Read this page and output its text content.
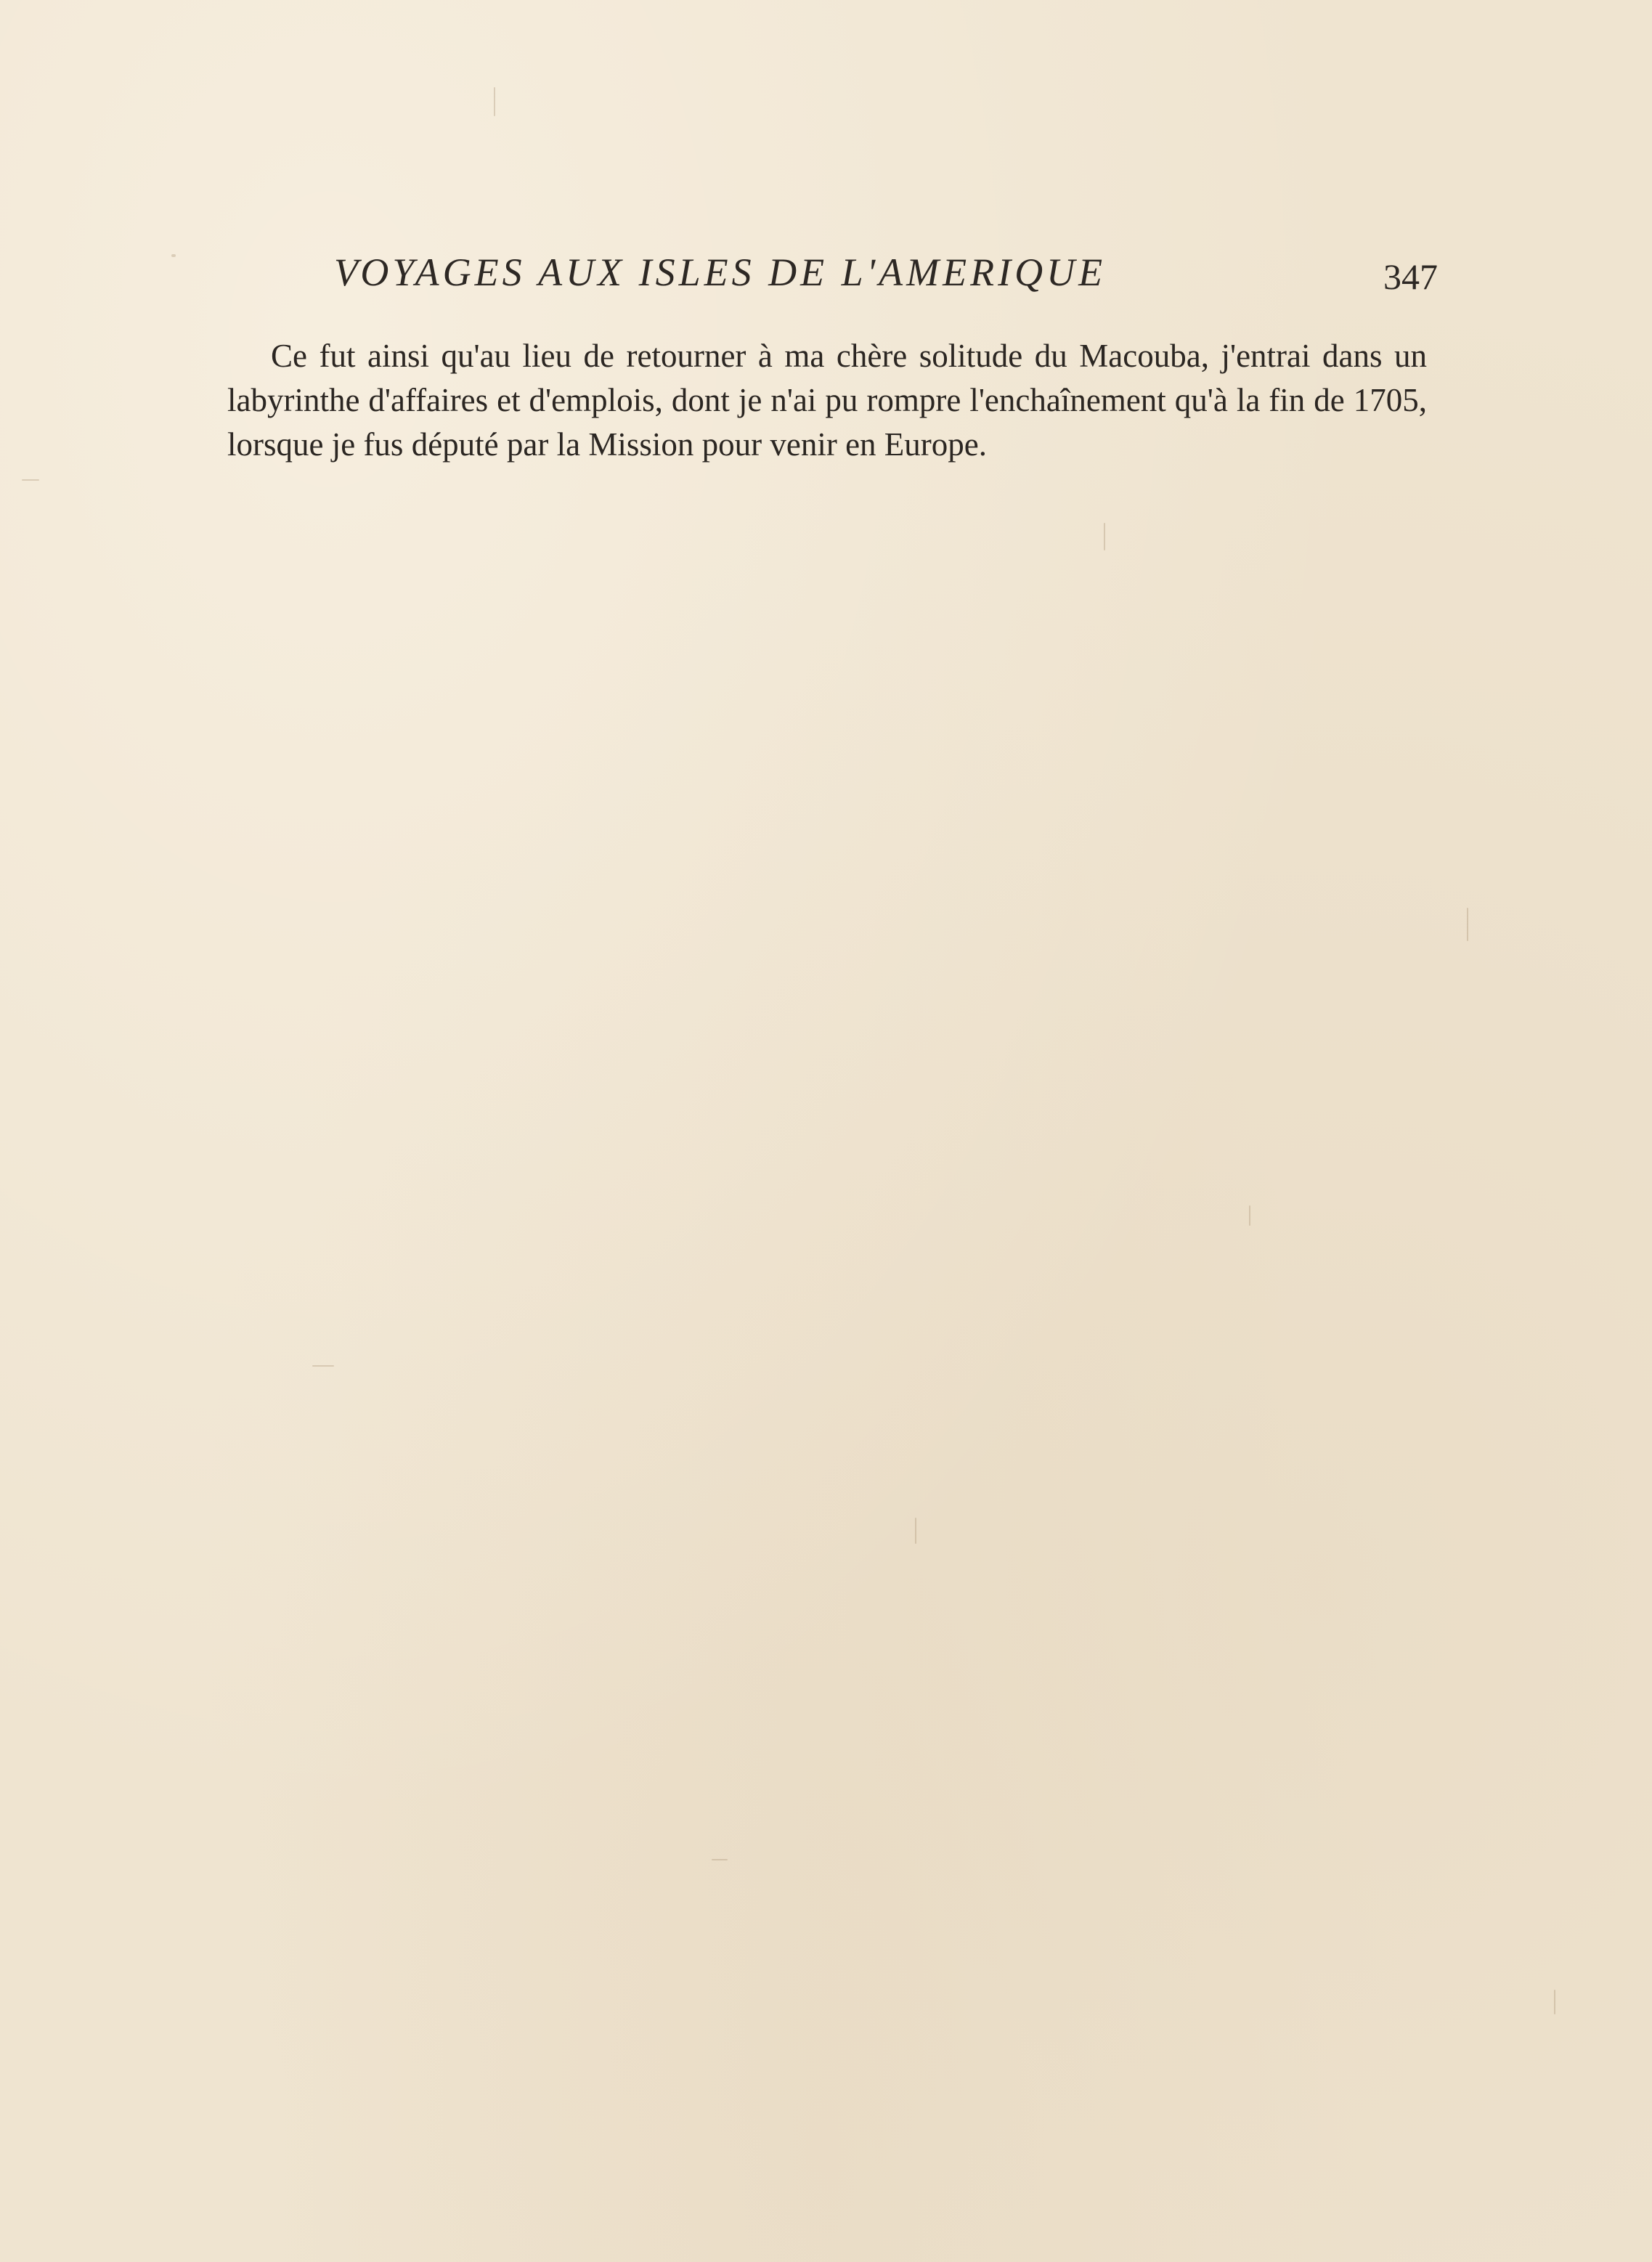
VOYAGES AUX ISLES DE L'AMERIQUE	347

Ce fut ainsi qu'au lieu de retourner à ma chère solitude du Macouba, j'entrai dans un labyrinthe d'affaires et d'emplois, dont je n'ai pu rompre l'enchaînement qu'à la fin de 1705, lorsque je fus député par la Mission pour venir en Europe.
